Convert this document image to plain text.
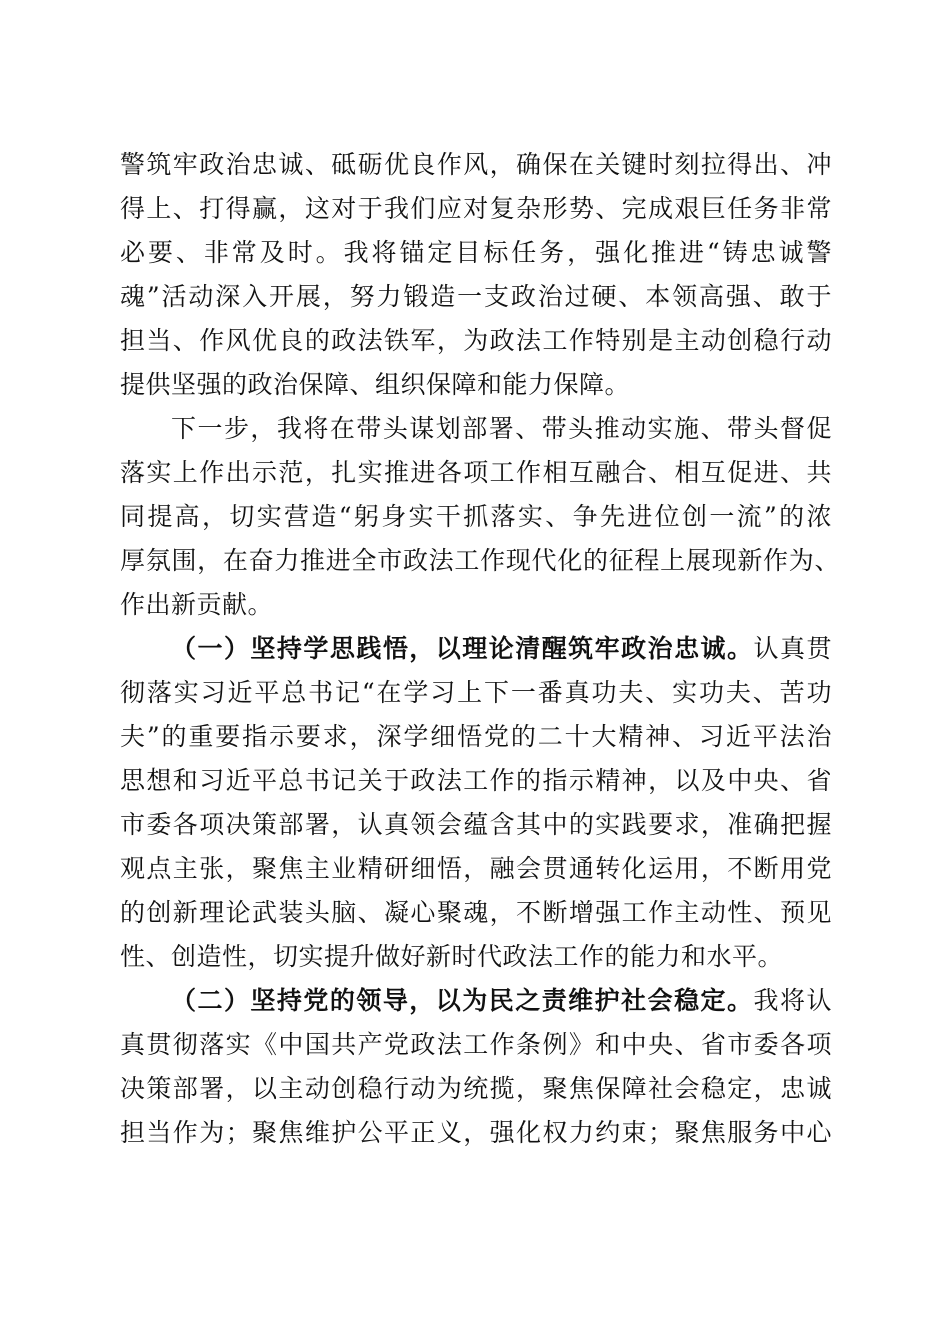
警筑牢政治忠诚、砥砺优良作风，确保在关键时刻拉得出、冲
得上、打得赢，这对于我们应对复杂形势、完成艰巨任务非常
必要、非常及时。我将锚定目标任务，强化推进“铸忠诚警
魂”活动深入开展，努力锻造一支政治过硬、本领高强、敢于
担当、作风优良的政法铁军，为政法工作特别是主动创稳行动
提供坚强的政治保障、组织保障和能力保障。
下一步，我将在带头谋划部署、带头推动实施、带头督促
落实上作出示范，扎实推进各项工作相互融合、相互促进、共
同提高，切实营造“躬身实干抓落实、争先进位创一流”的浓
厚氛围，在奋力推进全市政法工作现代化的征程上展现新作为、
作出新贡献。
（一）坚持学思践悟，以理论清醒筑牢政治忠诚。认真贯
彻落实习近平总书记“在学习上下一番真功夫、实功夫、苦功
夫”的重要指示要求，深学细悟党的二十大精神、习近平法治
思想和习近平总书记关于政法工作的指示精神，以及中央、省
市委各项决策部署，认真领会蕴含其中的实践要求，准确把握
观点主张，聚焦主业精研细悟，融会贯通转化运用，不断用党
的创新理论武装头脑、凝心聚魂，不断增强工作主动性、预见
性、创造性，切实提升做好新时代政法工作的能力和水平。
（二）坚持党的领导，以为民之责维护社会稳定。我将认
真贯彻落实《中国共产党政法工作条例》和中央、省市委各项
决策部署，以主动创稳行动为统揽，聚焦保障社会稳定，忠诚
担当作为；聚焦维护公平正义，强化权力约束；聚焦服务中心
